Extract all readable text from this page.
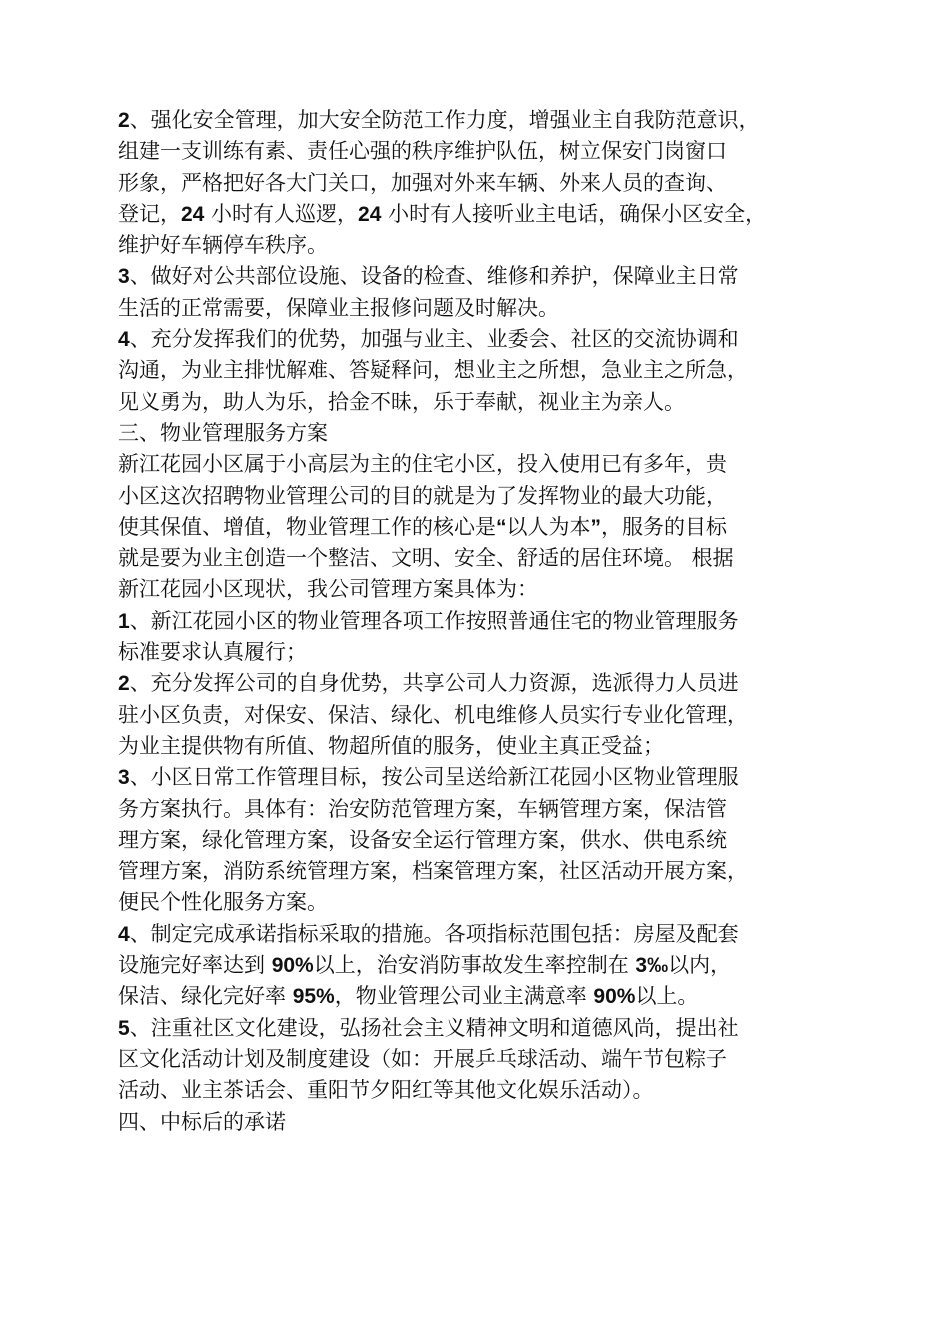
2、强化安全管理，加大安全防范工作力度，增强业主自我防范意识，
组建一支训练有素、责任心强的秩序维护队伍，树立保安门岗窗口
形象，严格把好各大门关口，加强对外来车辆、外来人员的查询、
登记，24 小时有人巡逻，24 小时有人接听业主电话，确保小区安全，
维护好车辆停车秩序。
3、做好对公共部位设施、设备的检查、维修和养护，保障业主日常
生活的正常需要，保障业主报修问题及时解决。
4、充分发挥我们的优势，加强与业主、业委会、社区的交流协调和
沟通，为业主排忧解难、答疑释问，想业主之所想，急业主之所急，
见义勇为，助人为乐，拾金不昧，乐于奉献，视业主为亲人。
三、物业管理服务方案
新江花园小区属于小高层为主的住宅小区，投入使用已有多年，贵
小区这次招聘物业管理公司的目的就是为了发挥物业的最大功能，
使其保值、增值，物业管理工作的核心是“以人为本”，服务的目标
就是要为业主创造一个整洁、文明、安全、舒适的居住环境。 根据
新江花园小区现状，我公司管理方案具体为：
1、新江花园小区的物业管理各项工作按照普通住宅的物业管理服务
标准要求认真履行；
2、充分发挥公司的自身优势，共享公司人力资源，选派得力人员进
驻小区负责，对保安、保洁、绿化、机电维修人员实行专业化管理，
为业主提供物有所值、物超所值的服务，使业主真正受益；
3、小区日常工作管理目标，按公司呈送给新江花园小区物业管理服
务方案执行。具体有：治安防范管理方案，车辆管理方案，保洁管
理方案，绿化管理方案，设备安全运行管理方案，供水、供电系统
管理方案，消防系统管理方案，档案管理方案，社区活动开展方案，
便民个性化服务方案。
4、制定完成承诺指标采取的措施。各项指标范围包括：房屋及配套
设施完好率达到 90%以上，治安消防事故发生率控制在 3‰以内，
保洁、绿化完好率 95%，物业管理公司业主满意率 90%以上。
5、注重社区文化建设，弘扬社会主义精神文明和道德风尚，提出社
区文化活动计划及制度建设（如：开展乒乓球活动、端午节包粽子
活动、业主茶话会、重阳节夕阳红等其他文化娱乐活动）。
四、中标后的承诺
